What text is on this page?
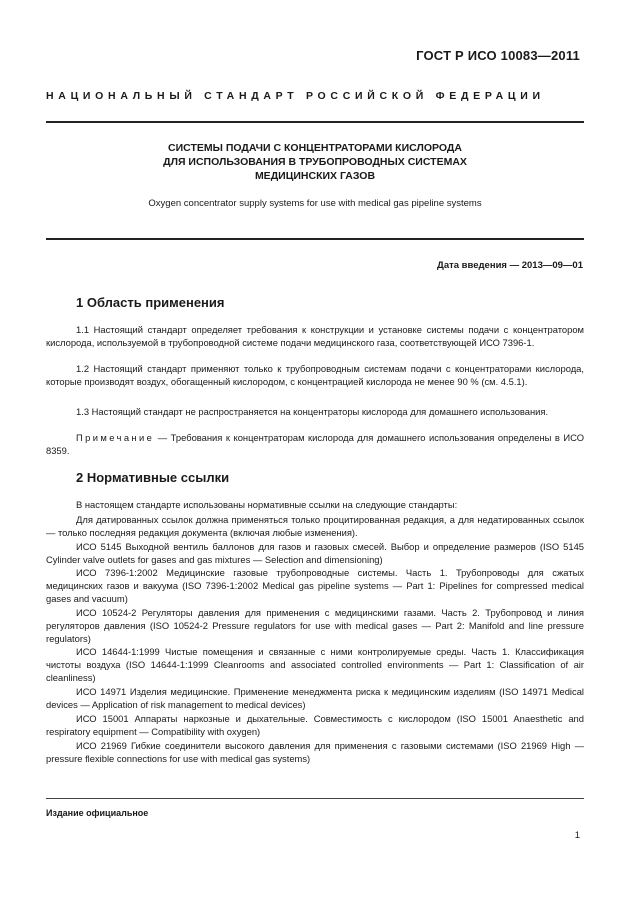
ГОСТ Р ИСО 10083—2011
НАЦИОНАЛЬНЫЙ СТАНДАРТ РОССИЙСКОЙ ФЕДЕРАЦИИ
СИСТЕМЫ ПОДАЧИ С КОНЦЕНТРАТОРАМИ КИСЛОРОДА
ДЛЯ ИСПОЛЬЗОВАНИЯ В ТРУБОПРОВОДНЫХ СИСТЕМАХ
МЕДИЦИНСКИХ ГАЗОВ
Oxygen concentrator supply systems for use with medical gas pipeline systems
Дата введения — 2013—09—01
1 Область применения
1.1 Настоящий стандарт определяет требования к конструкции и установке системы подачи с концентратором кислорода, используемой в трубопроводной системе подачи медицинского газа, соответствующей ИСО 7396-1.
1.2 Настоящий стандарт применяют только к трубопроводным системам подачи с концентраторами кислорода, которые производят воздух, обогащенный кислородом, с концентрацией кислорода не менее 90 % (см. 4.5.1).
1.3 Настоящий стандарт не распространяется на концентраторы кислорода для домашнего использования.
Примечание — Требования к концентраторам кислорода для домашнего использования определены в ИСО 8359.
2 Нормативные ссылки
В настоящем стандарте использованы нормативные ссылки на следующие стандарты:
Для датированных ссылок должна применяться только процитированная редакция, а для недатированных ссылок — только последняя редакция документа (включая любые изменения).
ИСО 5145 Выходной вентиль баллонов для газов и газовых смесей. Выбор и определение размеров (ISO 5145 Cylinder valve outlets for gases and gas mixtures — Selection and dimensioning)
ИСО 7396-1:2002 Медицинские газовые трубопроводные системы. Часть 1. Трубопроводы для сжатых медицинских газов и вакуума (ISO 7396-1:2002 Medical gas pipeline systems — Part 1: Pipelines for compressed medical gases and vacuum)
ИСО 10524-2 Регуляторы давления для применения с медицинскими газами. Часть 2. Трубопровод и линия регуляторов давления (ISO 10524-2 Pressure regulators for use with medical gases — Part 2: Manifold and line pressure regulators)
ИСО 14644-1:1999 Чистые помещения и связанные с ними контролируемые среды. Часть 1. Классификация чистоты воздуха (ISO 14644-1:1999 Cleanrooms and associated controlled environments — Part 1: Classification of air cleanliness)
ИСО 14971 Изделия медицинские. Применение менеджмента риска к медицинским изделиям (ISO 14971 Medical devices — Application of risk management to medical devices)
ИСО 15001 Аппараты наркозные и дыхательные. Совместимость с кислородом (ISO 15001 Anaesthetic and respiratory equipment — Compatibility with oxygen)
ИСО 21969 Гибкие соединители высокого давления для применения с газовыми системами (ISO 21969 High — pressure flexible connections for use with medical gas systems)
Издание официальное
1
